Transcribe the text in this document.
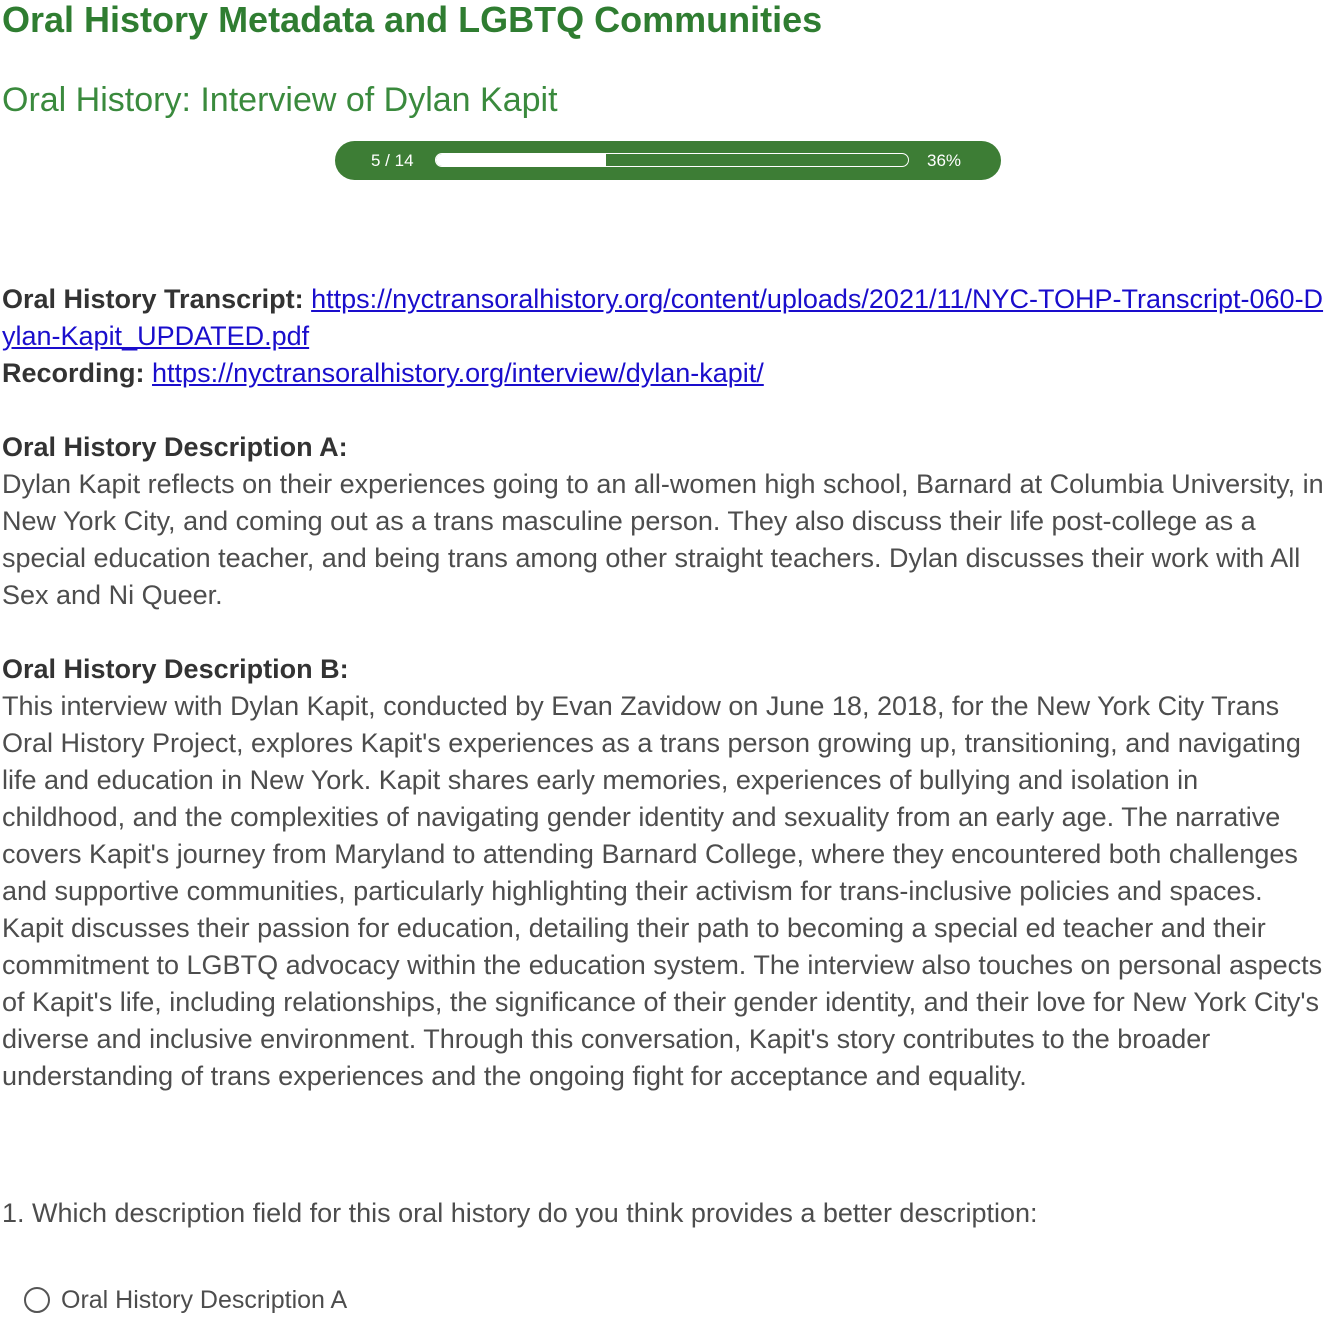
Oral History Metadata and LGBTQ Communities
Oral History: Interview of Dylan Kapit
5 / 14	36%

Oral History Transcript: https://nyctransoralhistory.org/content/uploads/2021/11/NYC-TOHP-Transcript-060-Dylan-Kapit_UPDATED.pdf

Recording: https://nyctransoralhistory.org/interview/dylan-kapit/

Oral History Description A:

Dylan Kapit reflects on their experiences going to an all-women high school, Barnard at Columbia University, in New York City, and coming out as a trans masculine person. They also discuss their life post-college as a special education teacher, and being trans among other straight teachers. Dylan discusses their work with All Sex and Ni Queer.

Oral History Description B:

This interview with Dylan Kapit, conducted by Evan Zavidow on June 18, 2018, for the New York City Trans Oral History Project, explores Kapit's experiences as a trans person growing up, transitioning, and navigating life and education in New York. Kapit shares early memories, experiences of bullying and isolation in childhood, and the complexities of navigating gender identity and sexuality from an early age. The narrative covers Kapit's journey from Maryland to attending Barnard College, where they encountered both challenges and supportive communities, particularly highlighting their activism for trans-inclusive policies and spaces. Kapit discusses their passion for education, detailing their path to becoming a special ed teacher and their commitment to LGBTQ advocacy within the education system. The interview also touches on personal aspects of Kapit's life, including relationships, the significance of their gender identity, and their love for New York City's diverse and inclusive environment. Through this conversation, Kapit's story contributes to the broader understanding of trans experiences and the ongoing fight for acceptance and equality.

1. Which description field for this oral history do you think provides a better description:

Oral History Description A
